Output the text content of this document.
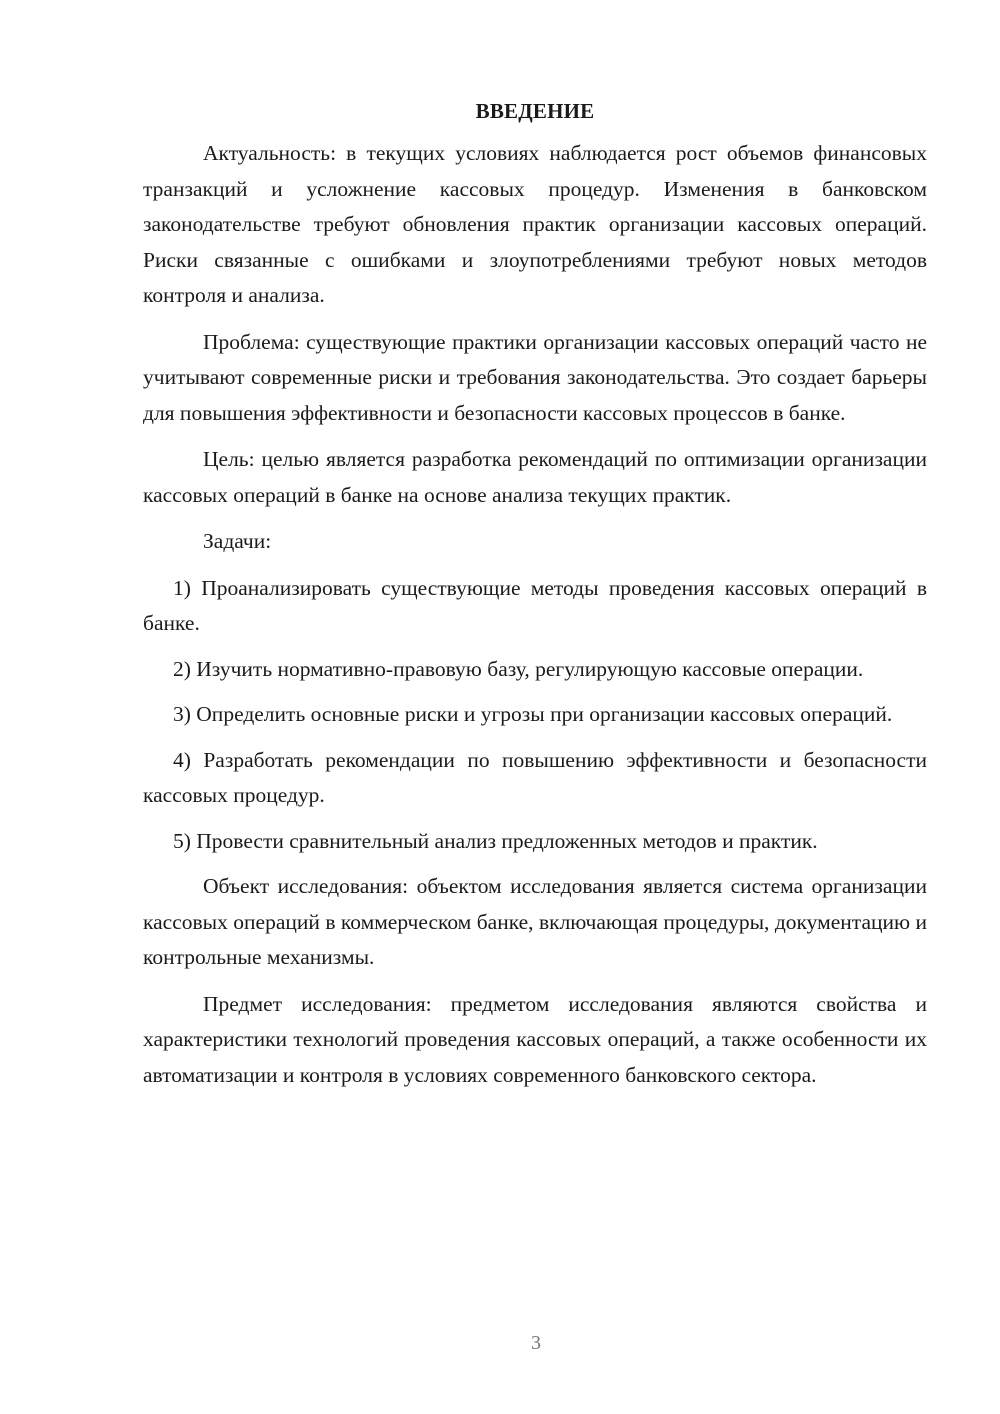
ВВЕДЕНИЕ

Актуальность: в текущих условиях наблюдается рост объемов финансовых транзакций и усложнение кассовых процедур. Изменения в банковском законодательстве требуют обновления практик организации кассовых операций. Риски связанные с ошибками и злоупотреблениями требуют новых методов контроля и анализа.

Проблема: существующие практики организации кассовых операций часто не учитывают современные риски и требования законодательства. Это создает барьеры для повышения эффективности и безопасности кассовых процессов в банке.

Цель: целью является разработка рекомендаций по оптимизации организации кассовых операций в банке на основе анализа текущих практик.

Задачи:

1) Проанализировать существующие методы проведения кассовых операций в банке.

2) Изучить нормативно-правовую базу, регулирующую кассовые операции.

3) Определить основные риски и угрозы при организации кассовых операций.

4) Разработать рекомендации по повышению эффективности и безопасности кассовых процедур.

5) Провести сравнительный анализ предложенных методов и практик.

Объект исследования: объектом исследования является система организации кассовых операций в коммерческом банке, включающая процедуры, документацию и контрольные механизмы.

Предмет исследования: предметом исследования являются свойства и характеристики технологий проведения кассовых операций, а также особенности их автоматизации и контроля в условиях современного банковского сектора.

3
